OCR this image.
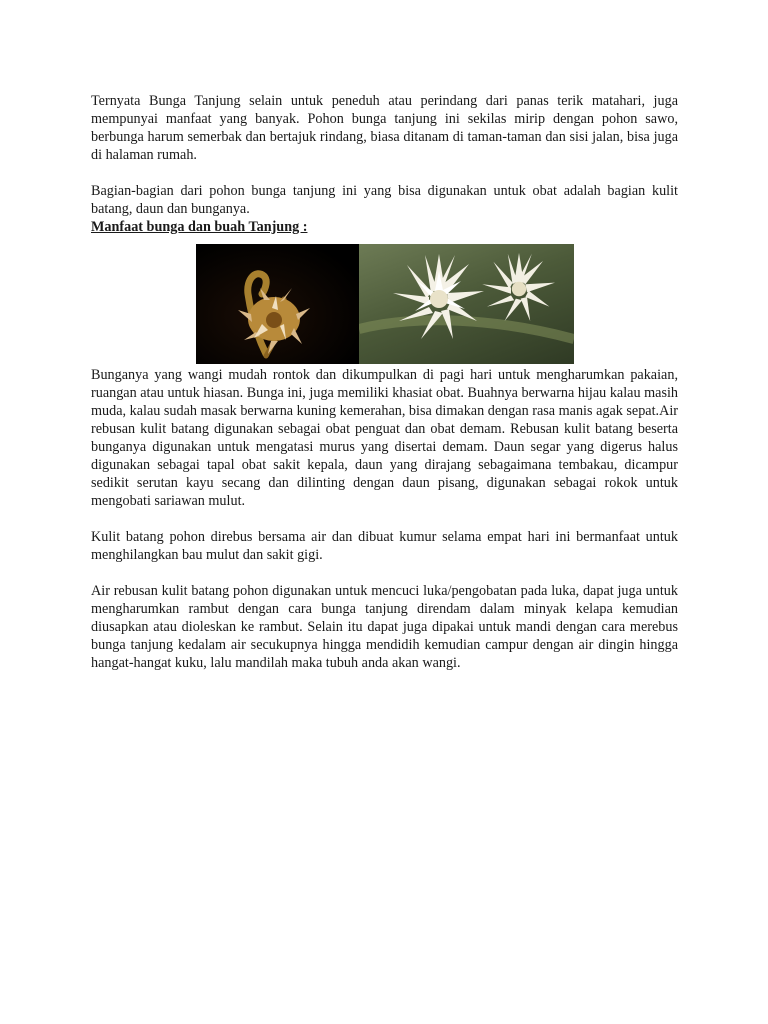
Ternyata Bunga Tanjung selain untuk peneduh atau perindang dari panas terik matahari, juga mempunyai manfaat yang banyak. Pohon bunga tanjung ini sekilas mirip dengan pohon sawo, berbunga harum semerbak dan bertajuk rindang, biasa ditanam di taman-taman dan sisi jalan, bisa juga di halaman rumah.

Bagian-bagian dari pohon bunga tanjung ini yang bisa digunakan untuk obat adalah bagian kulit batang, daun dan bunganya.

Manfaat bunga dan buah Tanjung :

Bunganya yang wangi mudah rontok dan dikumpulkan di pagi hari untuk mengharumkan pakaian, ruangan atau untuk hiasan. Bunga ini, juga memiliki khasiat obat. Buahnya berwarna hijau kalau masih muda, kalau sudah masak berwarna kuning kemerahan, bisa dimakan dengan rasa manis agak sepat.Air rebusan kulit batang digunakan sebagai obat penguat dan obat demam. Rebusan kulit batang beserta bunganya digunakan untuk mengatasi murus yang disertai demam. Daun segar yang digerus halus digunakan sebagai tapal obat sakit kepala, daun yang dirajang sebagaimana tembakau, dicampur sedikit serutan kayu secang dan dilinting dengan daun pisang, digunakan sebagai rokok untuk mengobati sariawan mulut.

Kulit batang pohon direbus bersama air dan dibuat kumur selama empat hari ini bermanfaat untuk menghilangkan bau mulut dan sakit gigi.

Air rebusan kulit batang pohon digunakan untuk mencuci luka/pengobatan pada luka, dapat juga untuk mengharumkan rambut dengan cara bunga tanjung direndam dalam minyak kelapa kemudian diusapkan atau dioleskan ke rambut. Selain itu dapat juga dipakai untuk mandi dengan cara merebus bunga tanjung kedalam air secukupnya hingga mendidih kemudian campur dengan air dingin hingga hangat-hangat kuku, lalu mandilah maka tubuh anda akan wangi.
